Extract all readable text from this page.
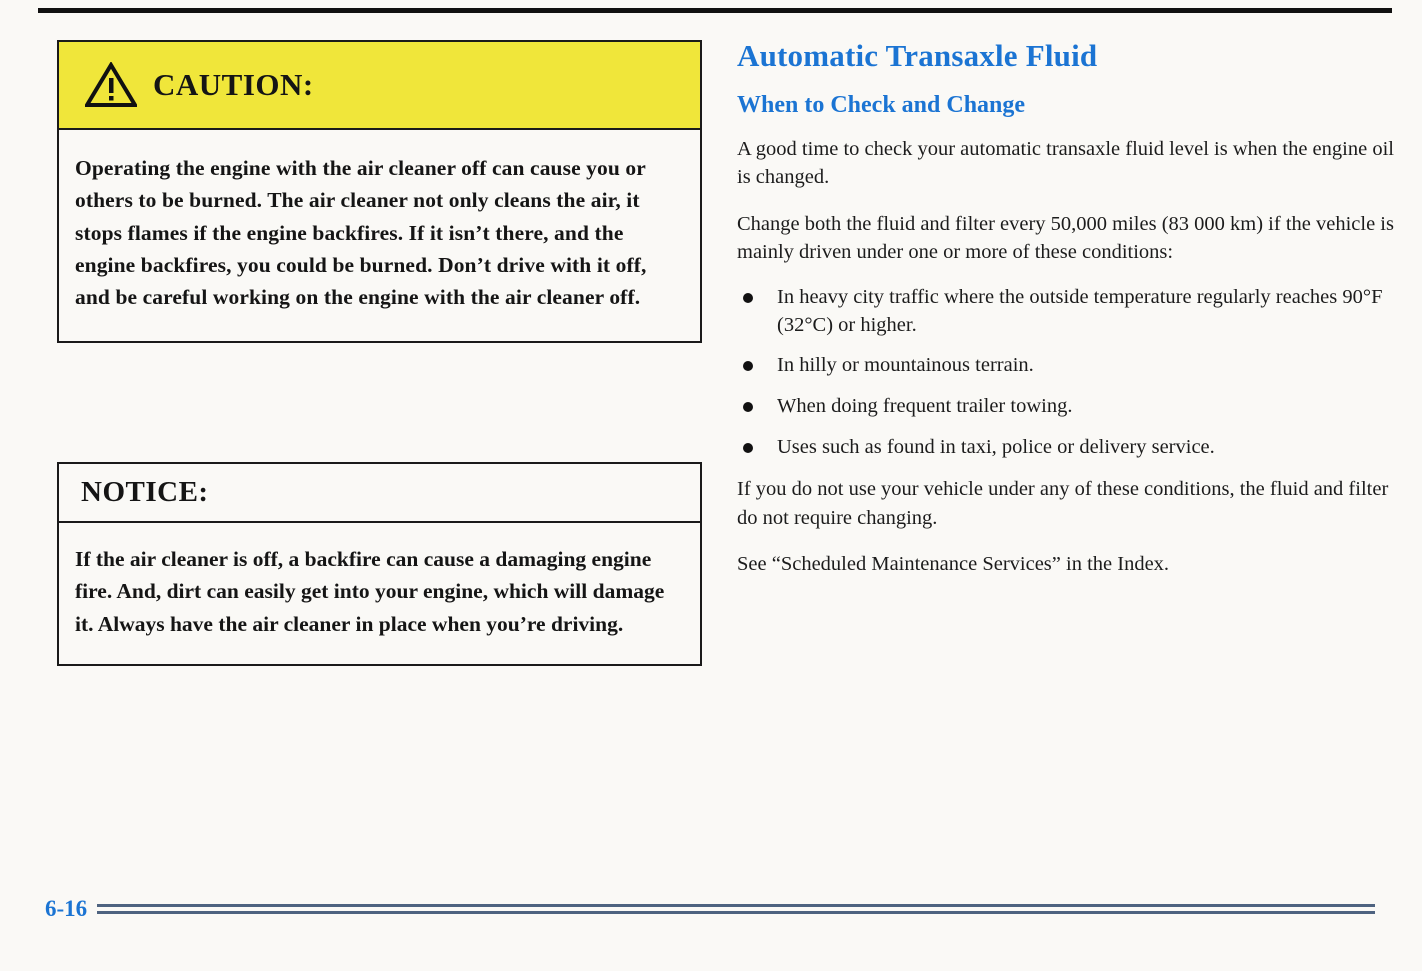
CAUTION:
Operating the engine with the air cleaner off can cause you or others to be burned. The air cleaner not only cleans the air, it stops flames if the engine backfires. If it isn’t there, and the engine backfires, you could be burned. Don’t drive with it off, and be careful working on the engine with the air cleaner off.
NOTICE:
If the air cleaner is off, a backfire can cause a damaging engine fire. And, dirt can easily get into your engine, which will damage it. Always have the air cleaner in place when you’re driving.
Automatic Transaxle Fluid
When to Check and Change

A good time to check your automatic transaxle fluid level is when the engine oil is changed.

Change both the fluid and filter every 50,000 miles (83 000 km) if the vehicle is mainly driven under one or more of these conditions:

In heavy city traffic where the outside temperature regularly reaches 90°F (32°C) or higher.
In hilly or mountainous terrain.
When doing frequent trailer towing.
Uses such as found in taxi, police or delivery service.

If you do not use your vehicle under any of these conditions, the fluid and filter do not require changing.

See “Scheduled Maintenance Services” in the Index.

6-16
